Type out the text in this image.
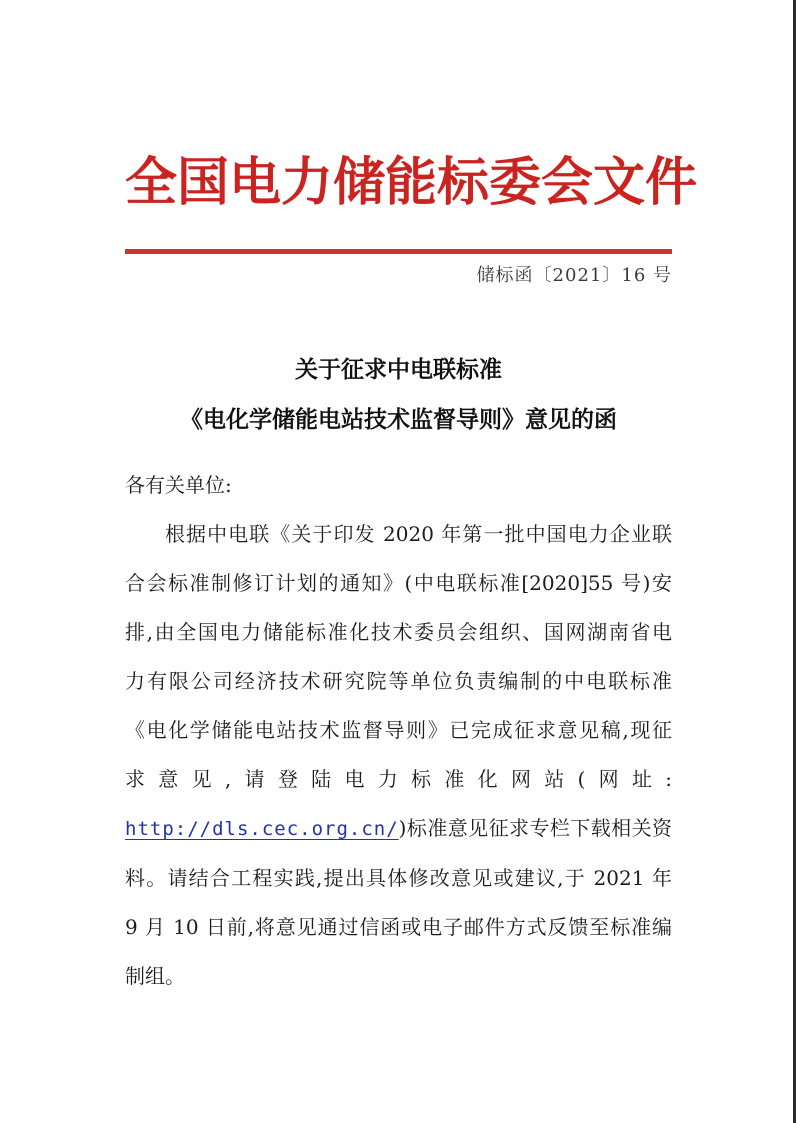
全国电力储能标委会文件
储标函〔2021〕16 号
关于征求中电联标准
《电化学储能电站技术监督导则》意见的函
各有关单位:
根据中电联《关于印发 2020 年第一批中国电力企业联
合会标准制修订计划的通知》(中电联标准[2020]55 号)安
排,由全国电力储能标准化技术委员会组织、国网湖南省电
力有限公司经济技术研究院等单位负责编制的中电联标准
《电化学储能电站技术监督导则》已完成征求意见稿,现征
求意见,请登陆电力标准化网站(网址:
http://dls.cec.org.cn/)标准意见征求专栏下载相关资
料。请结合工程实践,提出具体修改意见或建议,于 2021 年
9 月 10 日前,将意见通过信函或电子邮件方式反馈至标准编
制组。
